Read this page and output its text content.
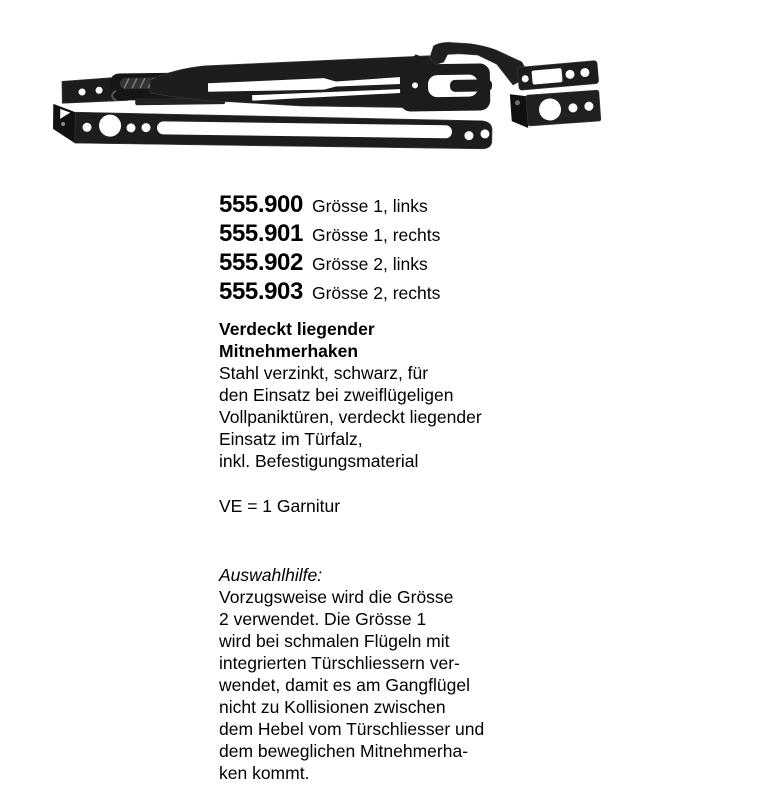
555.900 Grösse 1, links
555.901 Grösse 1, rechts
555.902 Grösse 2, links
555.903 Grösse 2, rechts
Verdeckt liegender
Mitnehmerhaken
Stahl verzinkt, schwarz, für
den Einsatz bei zweiflügeligen
Vollpaniktüren, verdeckt liegender
Einsatz im Türfalz,
inkl. Befestigungsmaterial
VE = 1 Garnitur
Auswahlhilfe:
Vorzugsweise wird die Grösse
2 verwendet. Die Grösse 1
wird bei schmalen Flügeln mit
integrierten Türschliessern ver-
wendet, damit es am Gangflügel
nicht zu Kollisionen zwischen
dem Hebel vom Türschliesser und
dem beweglichen Mitnehmerha-
ken kommt.
